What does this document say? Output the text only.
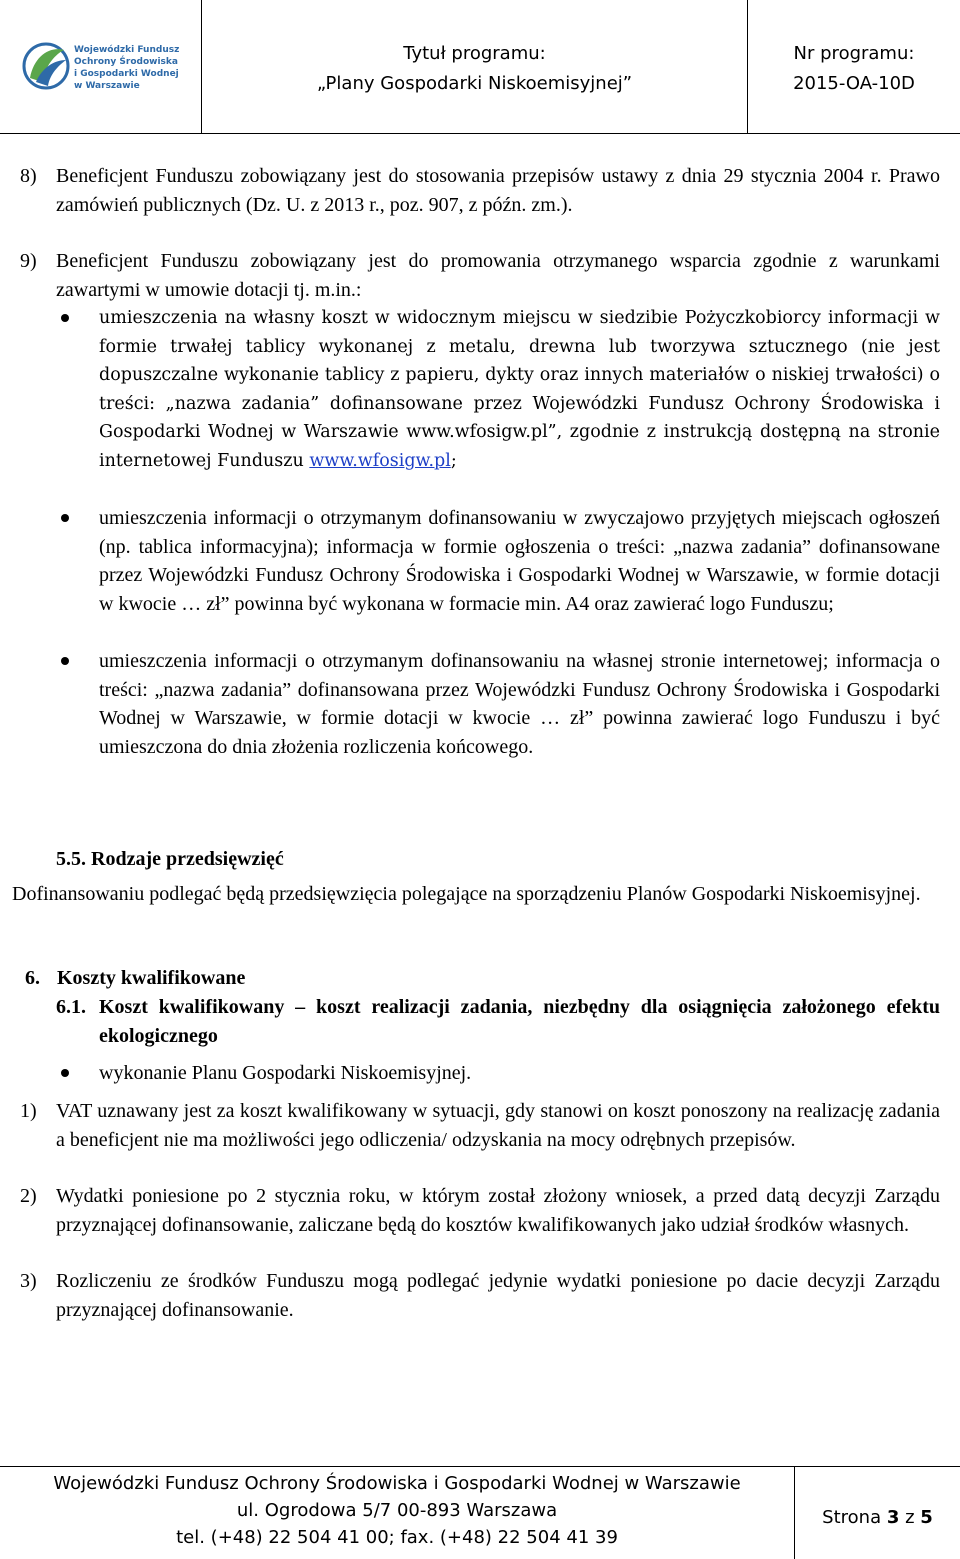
Wojewódzki Fundusz
Ochrony Środowiska
i Gospodarki Wodnej
w Warszawie
Tytuł programu:
„Plany Gospodarki Niskoemisyjnej”
Nr programu:
2015-OA-10D
8) Beneficjent Funduszu zobowiązany jest do stosowania przepisów ustawy z dnia 29 stycznia 2004 r. Prawo zamówień publicznych (Dz. U. z 2013 r., poz. 907, z późn. zm.).

9) Beneficjent Funduszu zobowiązany jest do promowania otrzymanego wsparcia zgodnie z warunkami zawartymi w umowie dotacji tj. m.in.:

umieszczenia na własny koszt w widocznym miejscu w siedzibie Pożyczkobiorcy informacji w formie trwałej tablicy wykonanej z metalu, drewna lub tworzywa sztucznego (nie jest dopuszczalne wykonanie tablicy z papieru, dykty oraz innych materiałów o niskiej trwałości) o treści: „nazwa zadania” dofinansowane przez Wojewódzki Fundusz Ochrony Środowiska i Gospodarki Wodnej w Warszawie www.wfosigw.pl”, zgodnie z instrukcją dostępną na stronie internetowej Funduszu www.wfosigw.pl;

umieszczenia informacji o otrzymanym dofinansowaniu w zwyczajowo przyjętych miejscach ogłoszeń (np. tablica informacyjna); informacja w formie ogłoszenia o treści: „nazwa zadania” dofinansowane przez Wojewódzki Fundusz Ochrony Środowiska i Gospodarki Wodnej w Warszawie, w formie dotacji w kwocie … zł” powinna być wykonana w formacie min. A4 oraz zawierać logo Funduszu;

umieszczenia informacji o otrzymanym dofinansowaniu na własnej stronie internetowej; informacja o treści: „nazwa zadania” dofinansowana przez Wojewódzki Fundusz Ochrony Środowiska i Gospodarki Wodnej w Warszawie, w formie dotacji w kwocie … zł” powinna zawierać logo Funduszu i być umieszczona do dnia złożenia rozliczenia końcowego.

5.5. Rodzaje przedsięwzięć

Dofinansowaniu podlegać będą przedsięwzięcia polegające na sporządzeniu Planów Gospodarki Niskoemisyjnej.

6. Koszty kwalifikowane
6.1. Koszt kwalifikowany – koszt realizacji zadania, niezbędny dla osiągnięcia założonego efektu ekologicznego

wykonanie Planu Gospodarki Niskoemisyjnej.

1) VAT uznawany jest za koszt kwalifikowany w sytuacji, gdy stanowi on koszt ponoszony na realizację zadania a beneficjent nie ma możliwości jego odliczenia/ odzyskania na mocy odrębnych przepisów.

2) Wydatki poniesione po 2 stycznia roku, w którym został złożony wniosek, a przed datą decyzji Zarządu przyznającej dofinansowanie, zaliczane będą do kosztów kwalifikowanych jako udział środków własnych.

3) Rozliczeniu ze środków Funduszu mogą podlegać jedynie wydatki poniesione po dacie decyzji Zarządu przyznającej dofinansowanie.

Wojewódzki Fundusz Ochrony Środowiska i Gospodarki Wodnej w Warszawie
ul. Ogrodowa 5/7 00-893 Warszawa
tel. (+48) 22 504 41 00; fax. (+48) 22 504 41 39
Strona
3
z
5
